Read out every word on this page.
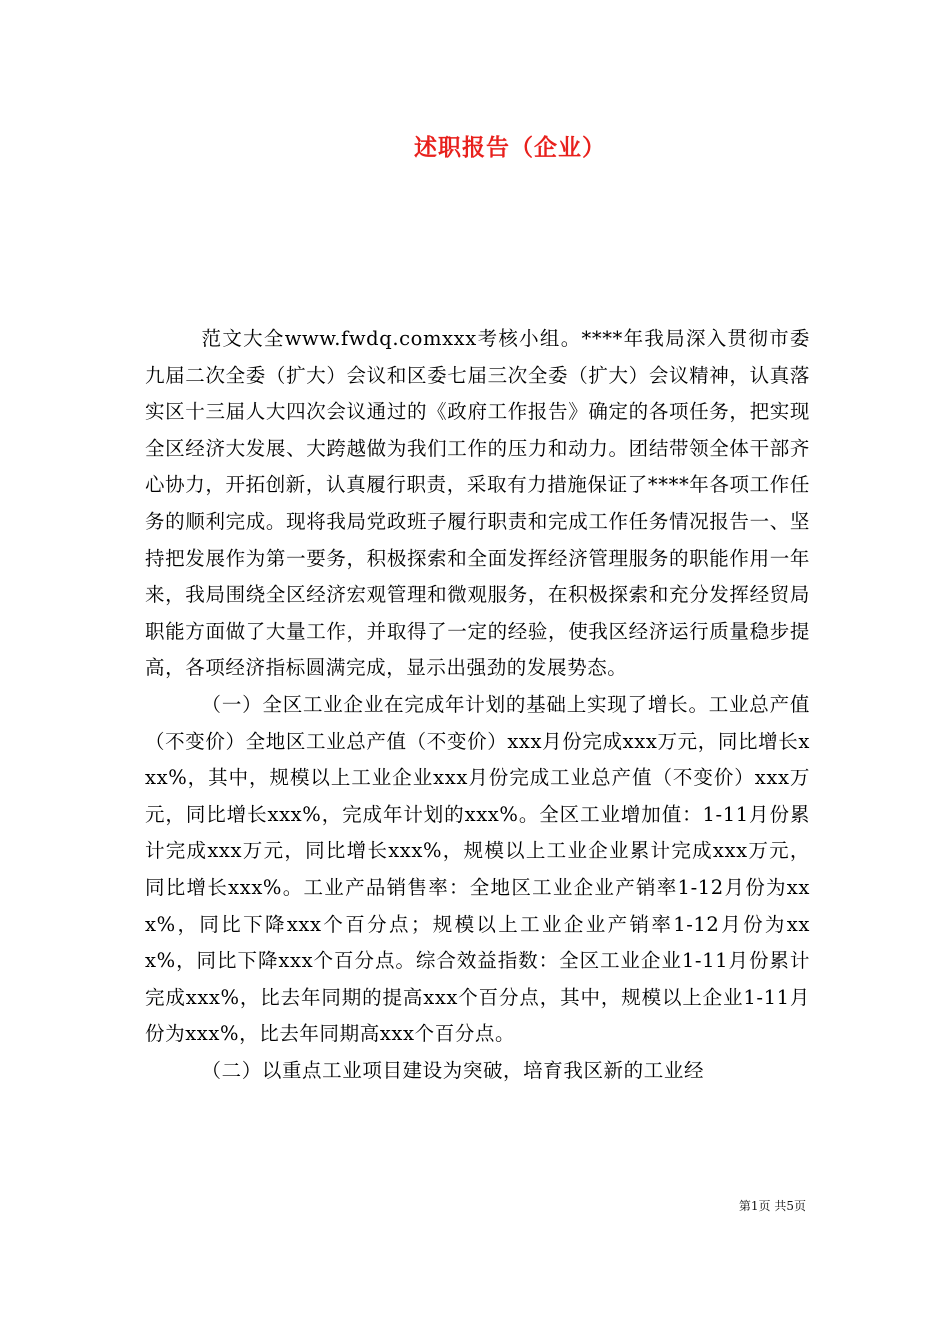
述职报告（企业）

范文大全www.fwdq.comxxx考核小组。****年我局深入贯彻市委九届二次全委（扩大）会议和区委七届三次全委（扩大）会议精神，认真落实区十三届人大四次会议通过的《政府工作报告》确定的各项任务，把实现全区经济大发展、大跨越做为我们工作的压力和动力。团结带领全体干部齐心协力，开拓创新，认真履行职责，采取有力措施保证了****年各项工作任务的顺利完成。现将我局党政班子履行职责和完成工作任务情况报告一、坚持把发展作为第一要务，积极探索和全面发挥经济管理服务的职能作用一年来，我局围绕全区经济宏观管理和微观服务，在积极探索和充分发挥经贸局职能方面做了大量工作，并取得了一定的经验，使我区经济运行质量稳步提高，各项经济指标圆满完成，显示出强劲的发展势态。

（一）全区工业企业在完成年计划的基础上实现了增长。工业总产值（不变价）全地区工业总产值（不变价）xxx月份完成xxx万元，同比增长xxx%，其中，规模以上工业企业xxx月份完成工业总产值（不变价）xxx万元，同比增长xxx%，完成年计划的xxx%。全区工业增加值：1-11月份累计完成xxx万元，同比增长xxx%，规模以上工业企业累计完成xxx万元，同比增长xxx%。工业产品销售率：全地区工业企业产销率1-12月份为xxx%，同比下降xxx个百分点；规模以上工业企业产销率1-12月份为xxx%，同比下降xxx个百分点。综合效益指数：全区工业企业1-11月份累计完成xxx%，比去年同期的提高xxx个百分点，其中，规模以上企业1-11月份为xxx%，比去年同期高xxx个百分点。

（二）以重点工业项目建设为突破，培育我区新的工业经

第1页 共5页
